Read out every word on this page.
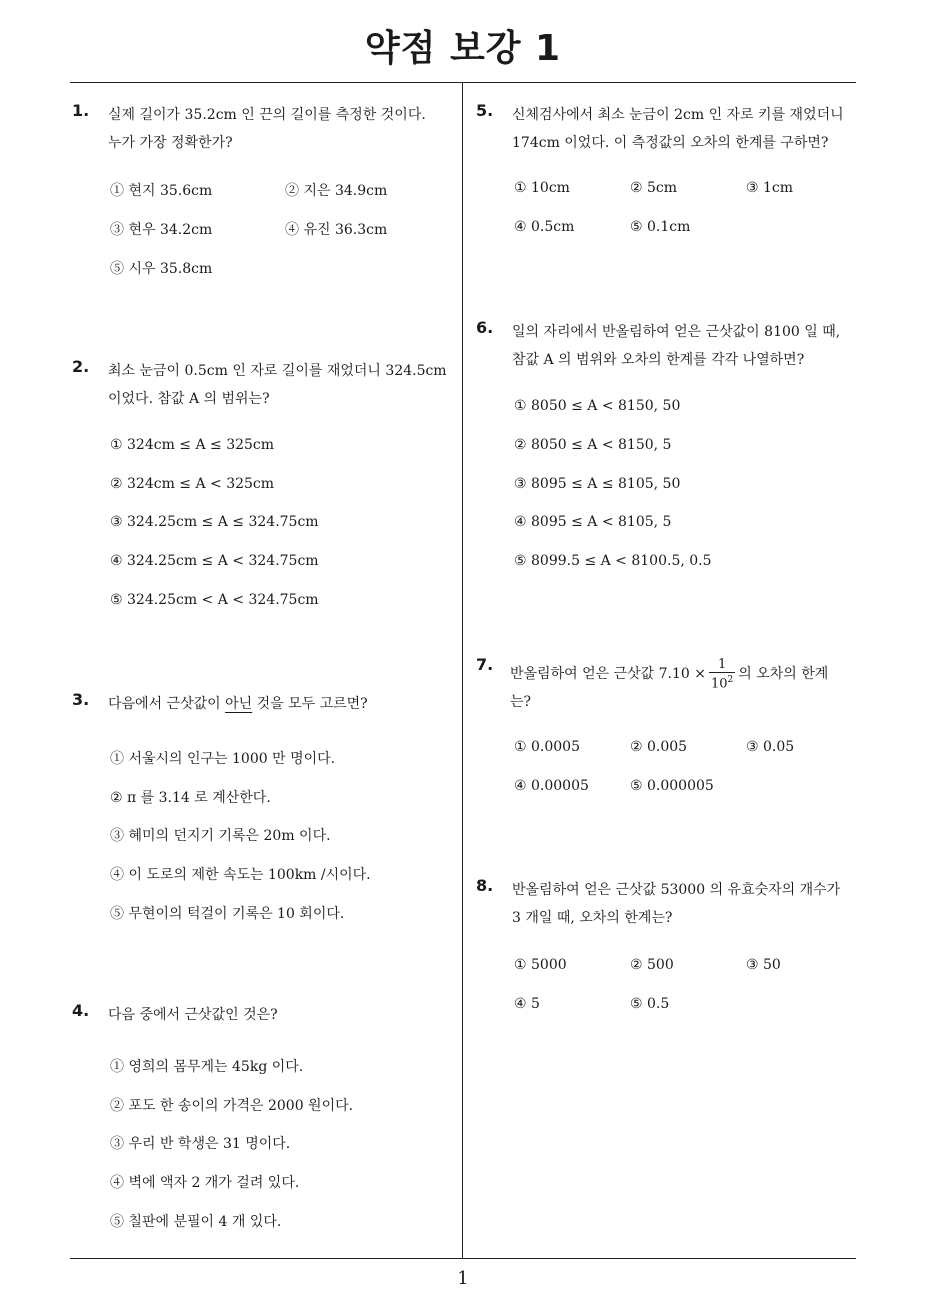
약점 보강 1
1
1. 실제 길이가 35.2cm 인 끈의 길이를 측정한 것이다.
누가 가장 정확한가?
① 현지 35.6cm	② 지은 34.9cm
③ 현우 34.2cm	④ 유진 36.3cm
⑤ 시우 35.8cm
2. 최소 눈금이 0.5cm 인 자로 길이를 재었더니 324.5cm
이었다. 참값 A 의 범위는?
① 324cm ≤ A ≤ 325cm
② 324cm ≤ A < 325cm
③ 324.25cm ≤ A ≤ 324.75cm
④ 324.25cm ≤ A < 324.75cm
⑤ 324.25cm < A < 324.75cm
3. 다음에서 근삿값이 아닌 것을 모두 고르면?
① 서울시의 인구는 1000 만 명이다.
② π 를 3.14 로 계산한다.
③ 혜미의 던지기 기록은 20m 이다.
④ 이 도로의 제한 속도는 100km /시이다.
⑤ 무현이의 턱걸이 기록은 10 회이다.
4. 다음 중에서 근삿값인 것은?
① 영희의 몸무게는 45kg 이다.
② 포도 한 송이의 가격은 2000 원이다.
③ 우리 반 학생은 31 명이다.
④ 벽에 액자 2 개가 걸려 있다.
⑤ 칠판에 분필이 4 개 있다.
5. 신체검사에서 최소 눈금이 2cm 인 자로 키를 재었더니
174cm 이었다. 이 측정값의 오차의 한계를 구하면?
① 10cm	② 5cm	③ 1cm
④ 0.5cm	⑤ 0.1cm
6. 일의 자리에서 반올림하여 얻은 근삿값이 8100 일 때,
참값 A 의 범위와 오차의 한계를 각각 나열하면?
① 8050 ≤ A < 8150, 50
② 8050 ≤ A < 8150, 5
③ 8095 ≤ A ≤ 8105, 50
④ 8095 ≤ A < 8105, 5
⑤ 8099.5 ≤ A < 8100.5, 0.5
7.
반올림하여 얻은 근삿값 $7.10 \times \frac{1}{10^2}$ 의 오차의 한계
는?
① 0.0005	② 0.005	③ 0.05
④ 0.00005	⑤ 0.000005
8. 반올림하여 얻은 근삿값 53000 의 유효숫자의 개수가
3 개일 때, 오차의 한계는?
① 5000	② 500	③ 50
④ 5	⑤ 0.5
